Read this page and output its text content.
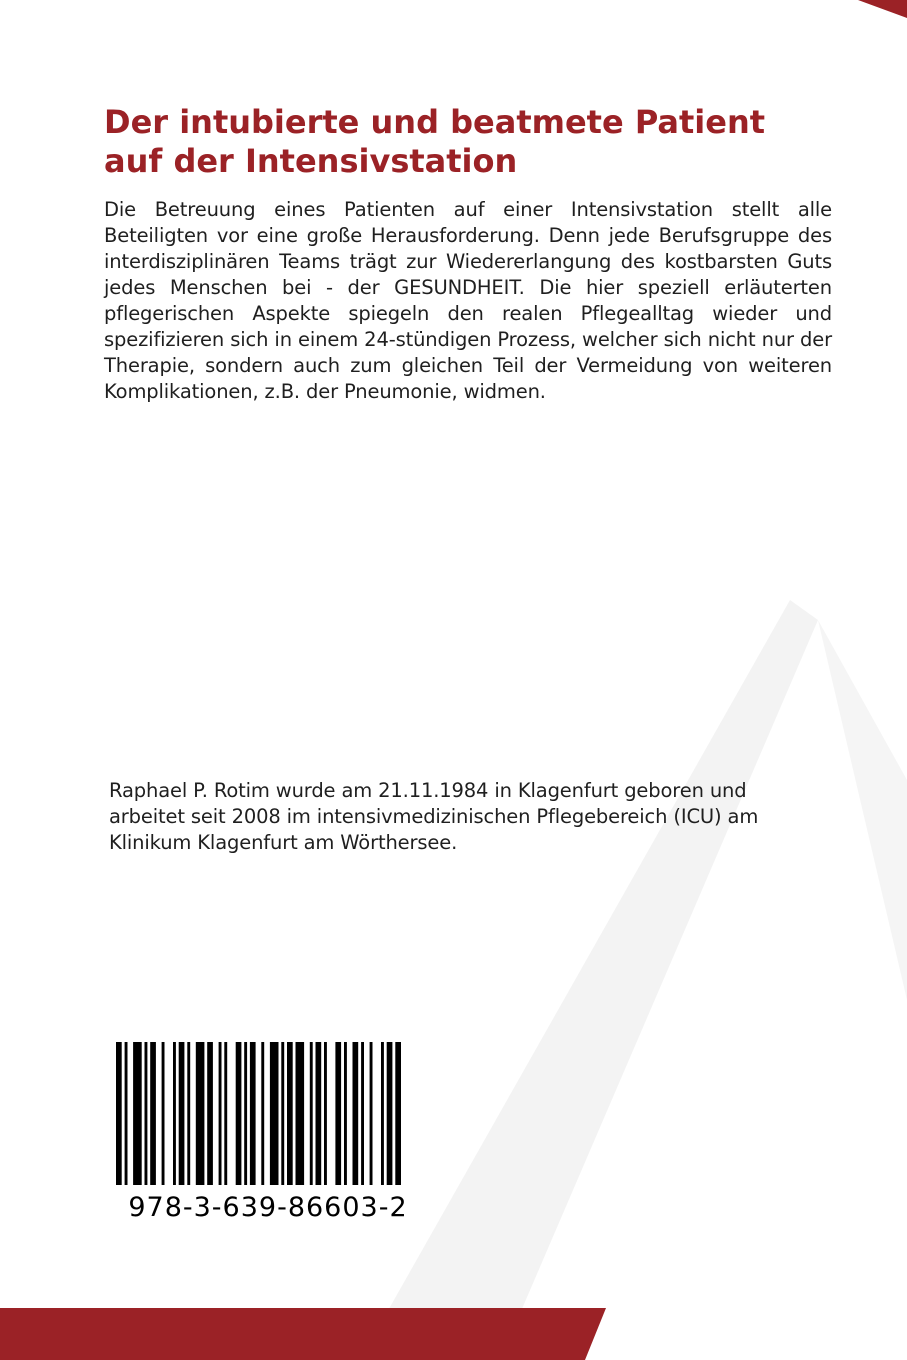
Der intubierte und beatmete Patient
auf der Intensivstation

Die Betreuung eines Patienten auf einer Intensivstation stellt alle Beteiligten vor eine große Herausforderung. Denn jede Berufsgruppe des interdisziplinären Teams trägt zur Wiedererlangung des kostbarsten Guts jedes Menschen bei - der GESUNDHEIT. Die hier speziell erläuterten pflegerischen Aspekte spiegeln den realen Pflegealltag wieder und spezifizieren sich in einem 24-stündigen Prozess, welcher sich nicht nur der Therapie, sondern auch zum gleichen Teil der Vermeidung von weiteren Komplikationen, z.B. der Pneumonie, widmen.

Raphael P. Rotim wurde am 21.11.1984 in Klagenfurt geboren und arbeitet seit 2008 im intensivmedizinischen Pflegebereich (ICU) am Klinikum Klagenfurt am Wörthersee.

978-3-639-86603-2
